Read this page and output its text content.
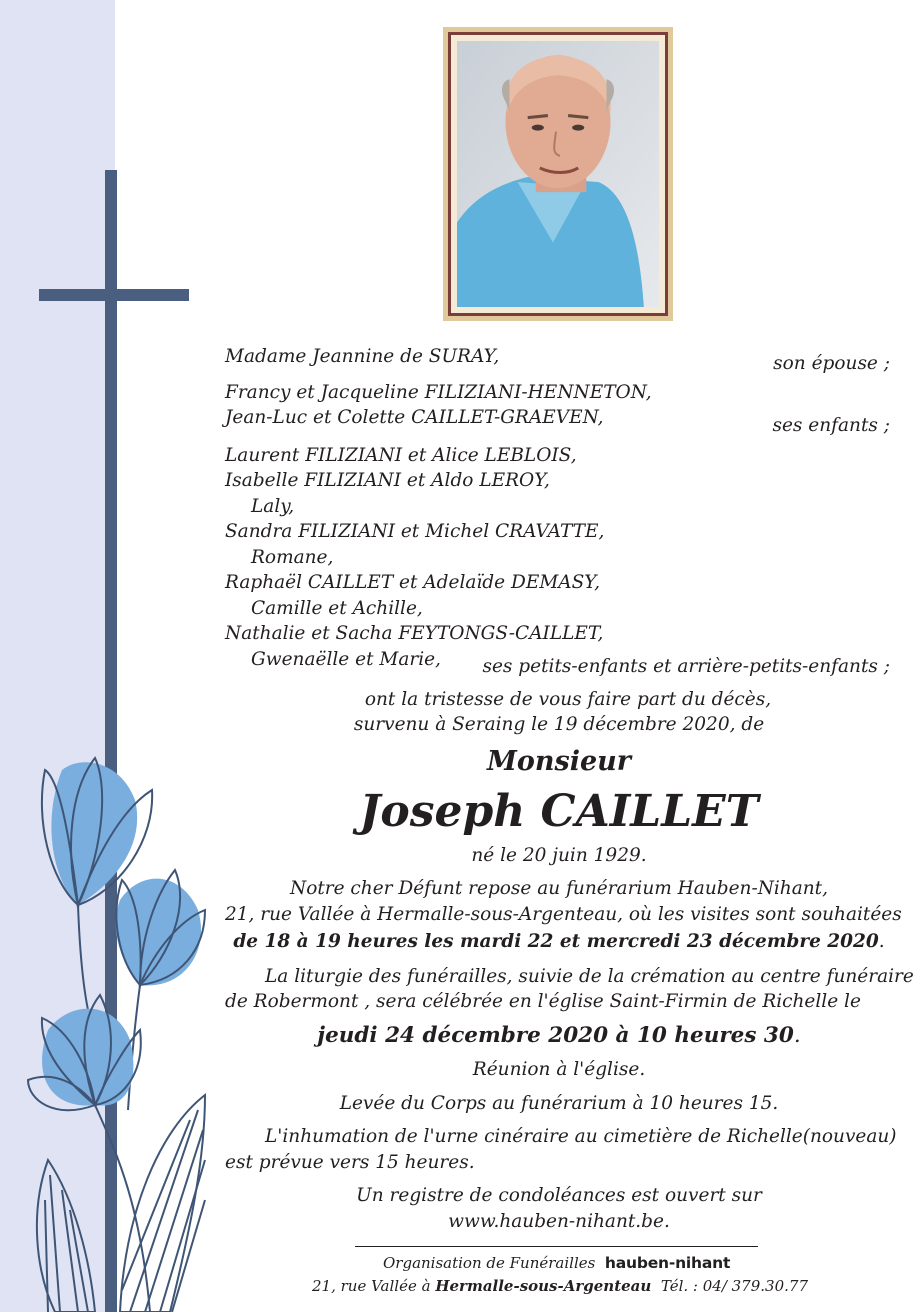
Madame Jeannine de SURAY,	son épouse ;
Francy et Jacqueline FILIZIANI-HENNETON,
Jean-Luc et Colette CAILLET-GRAEVEN,	ses enfants ;
Laurent FILIZIANI et Alice LEBLOIS,
Isabelle FILIZIANI et Aldo LEROY,
Laly,
Sandra FILIZIANI et Michel CRAVATTE,
Romane,
Raphaël CAILLET et Adelaïde DEMASY,
Camille et Achille,
Nathalie et Sacha FEYTONGS-CAILLET,
Gwenaëlle et Marie, ses petits-enfants et arrière-petits-enfants ;
ont la tristesse de vous faire part du décès,
survenu à Seraing le 19 décembre 2020, de
Monsieur
Joseph CAILLET
né le 20 juin 1929.
Notre cher Défunt repose au funérarium Hauben-Nihant,
21, rue Vallée à Hermalle-sous-Argenteau, où les visites sont souhaitées
de 18 à 19 heures les mardi 22 et mercredi 23 décembre 2020.
La liturgie des funérailles, suivie de la crémation au centre funéraire
de Robermont , sera célébrée en l'église Saint-Firmin de Richelle le
jeudi 24 décembre 2020 à 10 heures 30.
Réunion à l'église.
Levée du Corps au funérarium à 10 heures 15.
L'inhumation de l'urne cinéraire au cimetière de Richelle(nouveau)
est prévue vers 15 heures.
Un registre de condoléances est ouvert sur
www.hauben-nihant.be.
Organisation de Funérailles hauben-nihant
21, rue Vallée à Hermalle-sous-Argenteau Tél. : 04/ 379.30.77
